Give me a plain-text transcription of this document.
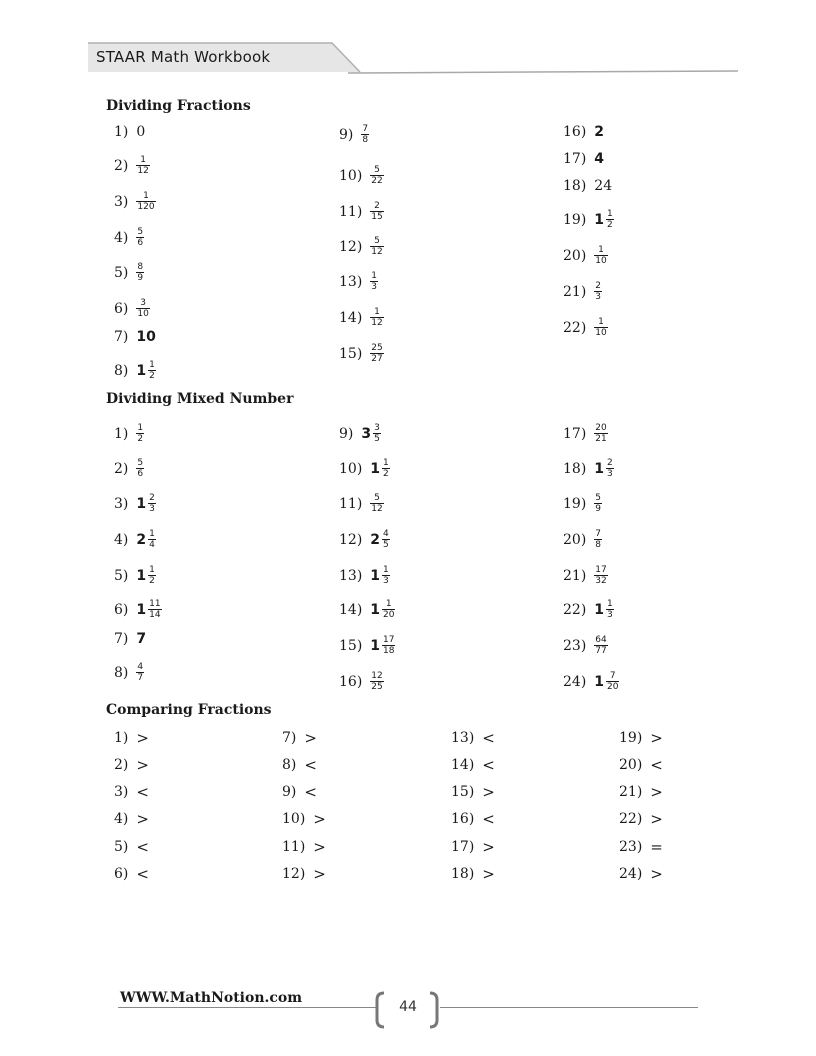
STAAR Math Workbook
Dividing Fractions
Dividing Mixed Number
Comparing Fractions
1) 0
$2) \frac{1}{12}$
$3) \frac{1}{120}$
$4) \frac{5}{6}$
$5) \frac{8}{9}$
$6) \frac{3}{10}$
7) 10
8) $1 \frac{1}{2}$
$9) \frac{7}{8}$
$10) \frac{5}{22}$
$11) \frac{2}{15}$
$12) \frac{5}{12}$
$13) \frac{1}{3}$
$14) \frac{1}{12}$
$15) \frac{25}{27}$
16) 2
17) 4
18) 24
19) $1 \frac{1}{2}$
$20) \frac{1}{10}$
$21) \frac{2}{3}$
$22) \frac{1}{10}$
$1) \frac{1}{2}$
$2) \frac{5}{6}$
3) $1 \frac{2}{3}$
4) $2 \frac{1}{4}$
5) $1 \frac{1}{2}$
6) $1 \frac{11}{14}$
7) 7
$8) \frac{4}{7}$
9) $3 \frac{3}{5}$
10) $1 \frac{1}{2}$
$11) \frac{5}{12}$
12) $2 \frac{4}{5}$
13) $1 \frac{1}{3}$
14) $1 \frac{1}{20}$
15) $1 \frac{17}{18}$
$16) \frac{12}{25}$
$17) \frac{20}{21}$
18) $1 \frac{2}{3}$
$19) \frac{5}{9}$
$20) \frac{7}{8}$
$21) \frac{17}{32}$
22) $1 \frac{1}{3}$
$23) \frac{64}{77}$
24) $1 \frac{7}{20}$
1) >
2) >
3) <
4) >
5) <
6) <
7) >
8) <
9) <
10) >
11) >
12) >
13) <
14) <
15) >
16) <
17) >
18) >
19) >
20) <
21) >
22) >
23) =
24) >
WWW.MathNotion.com
44
